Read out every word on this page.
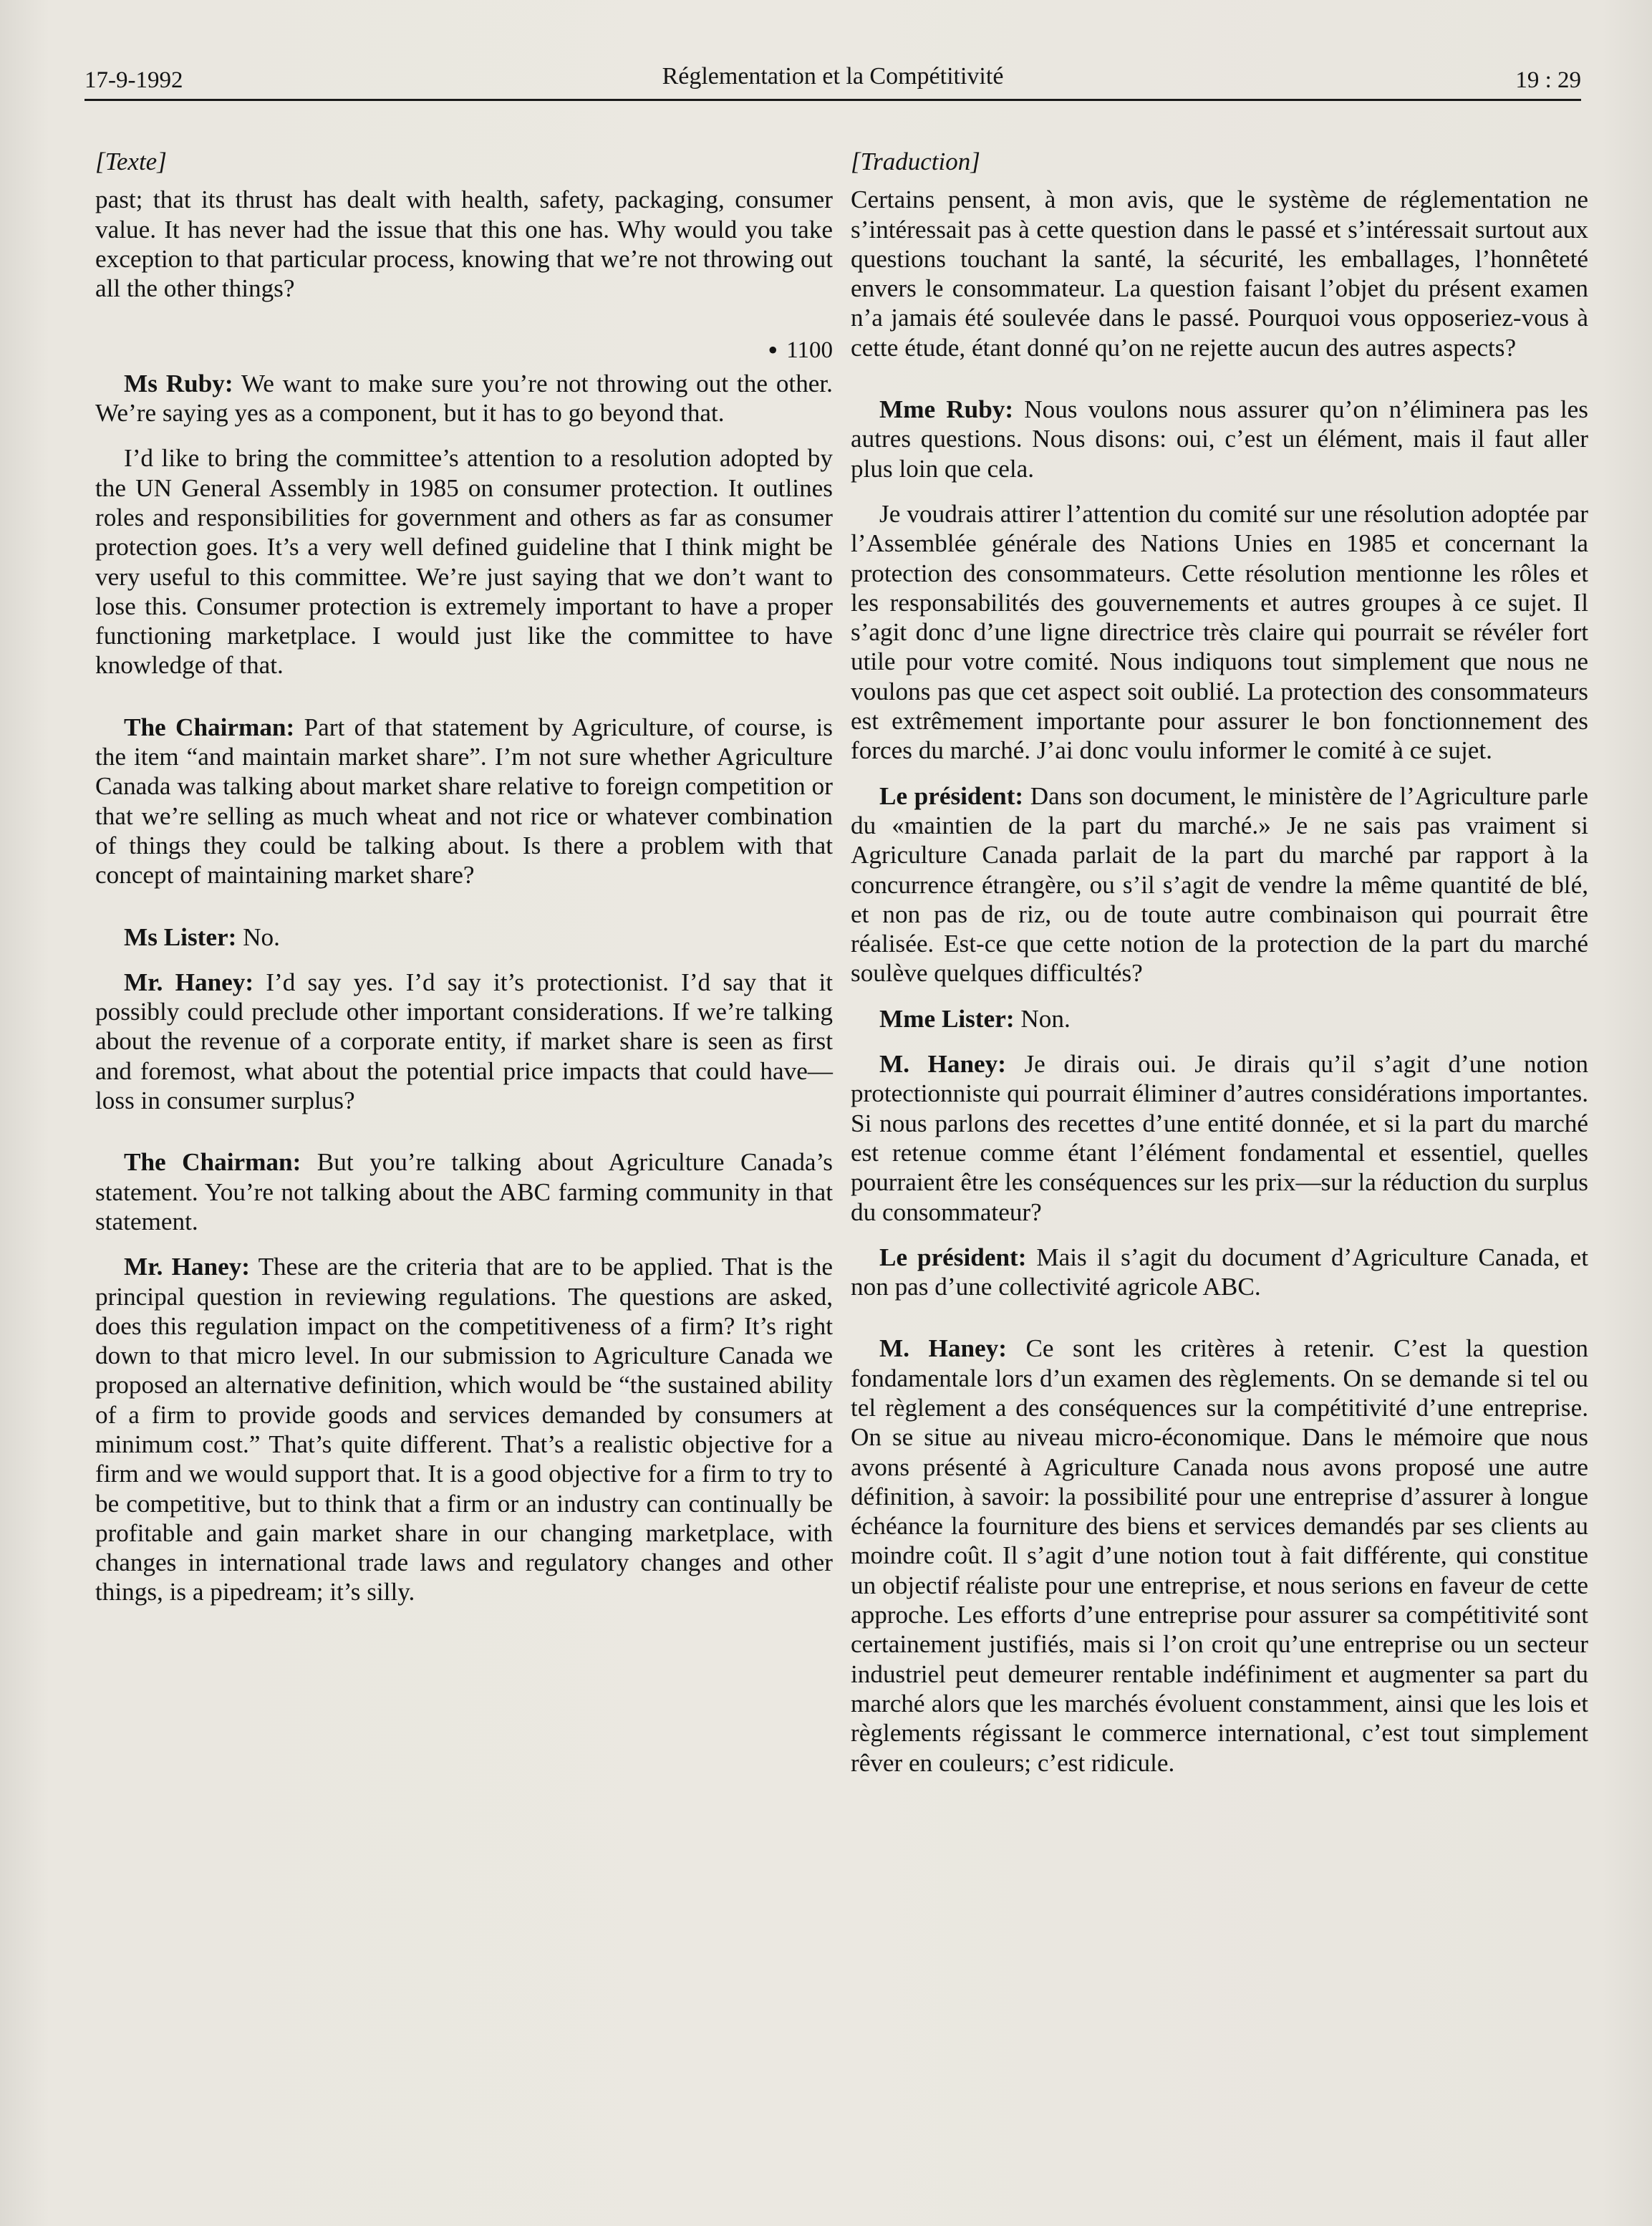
17-9-1992	Réglementation et la Compétitivité	19 : 29
[Texte]

past; that its thrust has dealt with health, safety, packaging, consumer value. It has never had the issue that this one has. Why would you take exception to that particular process, knowing that we’re not throwing out all the other things?

• 1100

Ms Ruby: We want to make sure you’re not throwing out the other. We’re saying yes as a component, but it has to go beyond that.

I’d like to bring the committee’s attention to a resolution adopted by the UN General Assembly in 1985 on consumer protection. It outlines roles and responsibilities for government and others as far as consumer protection goes. It’s a very well defined guideline that I think might be very useful to this committee. We’re just saying that we don’t want to lose this. Consumer protection is extremely important to have a proper functioning marketplace. I would just like the committee to have knowledge of that.

The Chairman: Part of that statement by Agriculture, of course, is the item “and maintain market share”. I’m not sure whether Agriculture Canada was talking about market share relative to foreign competition or that we’re selling as much wheat and not rice or whatever combination of things they could be talking about. Is there a problem with that concept of maintaining market share?

Ms Lister: No.

Mr. Haney: I’d say yes. I’d say it’s protectionist. I’d say that it possibly could preclude other important considerations. If we’re talking about the revenue of a corporate entity, if market share is seen as first and foremost, what about the potential price impacts that could have—loss in consumer surplus?

The Chairman: But you’re talking about Agriculture Canada’s statement. You’re not talking about the ABC farming community in that statement.

Mr. Haney: These are the criteria that are to be applied. That is the principal question in reviewing regulations. The questions are asked, does this regulation impact on the competitiveness of a firm? It’s right down to that micro level. In our submission to Agriculture Canada we proposed an alternative definition, which would be “the sustained ability of a firm to provide goods and services demanded by consumers at minimum cost.” That’s quite different. That’s a realistic objective for a firm and we would support that. It is a good objective for a firm to try to be competitive, but to think that a firm or an industry can continually be profitable and gain market share in our changing marketplace, with changes in international trade laws and regulatory changes and other things, is a pipedream; it’s silly.

[Traduction]

Certains pensent, à mon avis, que le système de réglementation ne s’intéressait pas à cette question dans le passé et s’intéressait surtout aux questions touchant la santé, la sécurité, les emballages, l’honnêteté envers le consommateur. La question faisant l’objet du présent examen n’a jamais été soulevée dans le passé. Pourquoi vous opposeriez-vous à cette étude, étant donné qu’on ne rejette aucun des autres aspects?

Mme Ruby: Nous voulons nous assurer qu’on n’éliminera pas les autres questions. Nous disons: oui, c’est un élément, mais il faut aller plus loin que cela.

Je voudrais attirer l’attention du comité sur une résolution adoptée par l’Assemblée générale des Nations Unies en 1985 et concernant la protection des consommateurs. Cette résolution mentionne les rôles et les responsabilités des gouvernements et autres groupes à ce sujet. Il s’agit donc d’une ligne directrice très claire qui pourrait se révéler fort utile pour votre comité. Nous indiquons tout simplement que nous ne voulons pas que cet aspect soit oublié. La protection des consommateurs est extrêmement importante pour assurer le bon fonctionnement des forces du marché. J’ai donc voulu informer le comité à ce sujet.

Le président: Dans son document, le ministère de l’Agriculture parle du «maintien de la part du marché.» Je ne sais pas vraiment si Agriculture Canada parlait de la part du marché par rapport à la concurrence étrangère, ou s’il s’agit de vendre la même quantité de blé, et non pas de riz, ou de toute autre combinaison qui pourrait être réalisée. Est-ce que cette notion de la protection de la part du marché soulève quelques difficultés?

Mme Lister: Non.

M. Haney: Je dirais oui. Je dirais qu’il s’agit d’une notion protectionniste qui pourrait éliminer d’autres considérations importantes. Si nous parlons des recettes d’une entité donnée, et si la part du marché est retenue comme étant l’élément fondamental et essentiel, quelles pourraient être les conséquences sur les prix—sur la réduction du surplus du consommateur?

Le président: Mais il s’agit du document d’Agriculture Canada, et non pas d’une collectivité agricole ABC.

M. Haney: Ce sont les critères à retenir. C’est la question fondamentale lors d’un examen des règlements. On se demande si tel ou tel règlement a des conséquences sur la compétitivité d’une entreprise. On se situe au niveau micro-économique. Dans le mémoire que nous avons présenté à Agriculture Canada nous avons proposé une autre définition, à savoir: la possibilité pour une entreprise d’assurer à longue échéance la fourniture des biens et services demandés par ses clients au moindre coût. Il s’agit d’une notion tout à fait différente, qui constitue un objectif réaliste pour une entreprise, et nous serions en faveur de cette approche. Les efforts d’une entreprise pour assurer sa compétitivité sont certainement justifiés, mais si l’on croit qu’une entreprise ou un secteur industriel peut demeurer rentable indéfiniment et augmenter sa part du marché alors que les marchés évoluent constamment, ainsi que les lois et règlements régissant le commerce international, c’est tout simplement rêver en couleurs; c’est ridicule.
